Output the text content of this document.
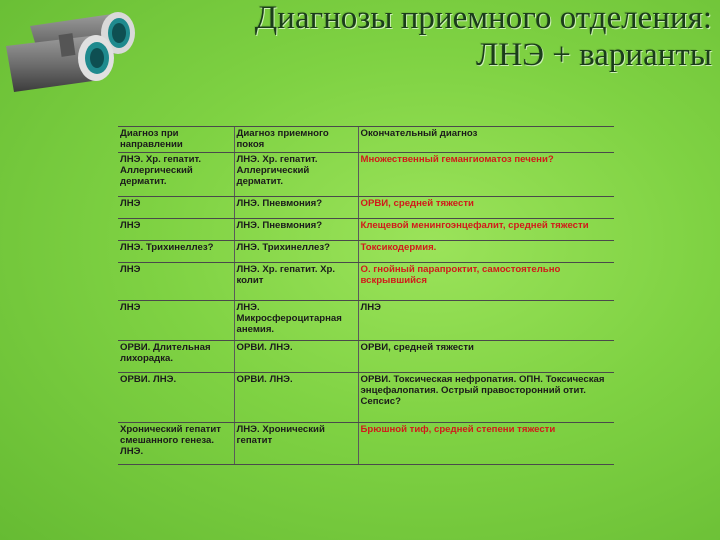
Диагнозы приемного отделения:
ЛНЭ + варианты
Диагноз при направлении	Диагноз приемного покоя	Окончательный диагноз
ЛНЭ. Хр. гепатит. Аллергический дерматит.	ЛНЭ. Хр. гепатит. Аллергический дерматит.	Множественный гемангиоматоз печени?
ЛНЭ	ЛНЭ. Пневмония?	ОРВИ, средней тяжести
ЛНЭ	ЛНЭ. Пневмония?	Клещевой менингоэнцефалит, средней тяжести
ЛНЭ. Трихинеллез?	ЛНЭ. Трихинеллез?	Токсикодермия.
ЛНЭ	ЛНЭ. Хр. гепатит. Хр. колит	О. гнойный парапроктит, самостоятельно вскрывшийся
ЛНЭ	ЛНЭ. Микросфероцитарная анемия.	ЛНЭ
ОРВИ. Длительная лихорадка.	ОРВИ. ЛНЭ.	ОРВИ, средней тяжести
ОРВИ. ЛНЭ.	ОРВИ. ЛНЭ.	ОРВИ. Токсическая нефропатия. ОПН. Токсическая энцефалопатия. Острый правосторонний отит. Сепсис?
Хронический гепатит смешанного генеза. ЛНЭ.	ЛНЭ. Хронический гепатит	Брюшной тиф, средней степени тяжести
